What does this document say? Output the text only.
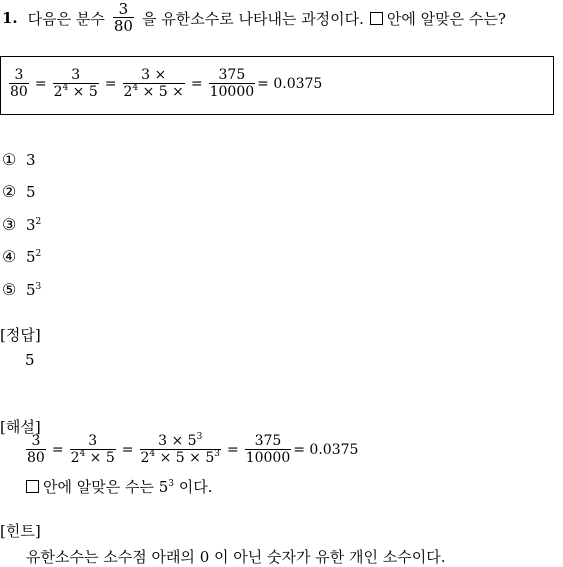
1. 다음은 분수 $\frac{3}{80}$ 을 유한소수로 나타내는 과정이다. 안에 알맞은 수는?
$\frac{3}{80} = \frac{3}{2^4 \times 5} = \frac{3 \times}{2^4 \times 5 \times} = \frac{375}{10000} = 0.0375$
① 3
② 5
③ $3^2$
④ $5^2$
⑤ $5^3$
[정답]
5
[해설]
$\frac{3}{80} = \frac{3}{2^4 \times 5} = \frac{3 \times 5^3}{2^4 \times 5 \times 5^3} = \frac{375}{10000} = 0.0375$
안에 알맞은 수는 $5^3$ 이다.
[힌트]
유한소수는 소수점 아래의 0 이 아닌 숫자가 유한 개인 소수이다.
